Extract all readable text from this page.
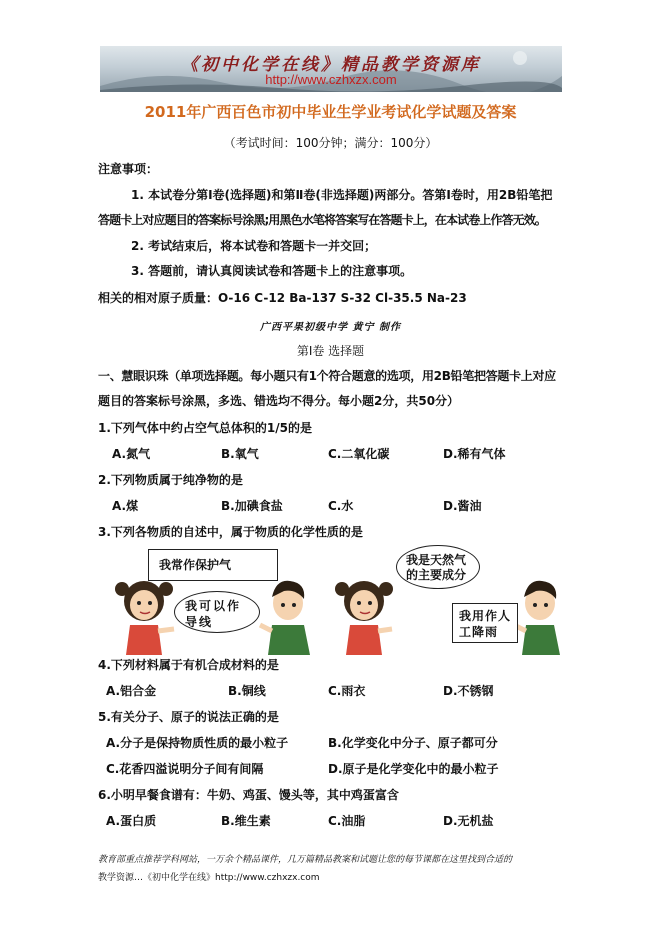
《初中化学在线》精品教学资源库
http://www.czhxzx.com
2011年广西百色市初中毕业生学业考试化学试题及答案
（考试时间：100分钟；满分：100分）
注意事项：
1. 本试卷分第Ⅰ卷(选择题)和第Ⅱ卷(非选择题)两部分。答第Ⅰ卷时，用2B铅笔把
答题卡上对应题目的答案标号涂黑;用黑色水笔将答案写在答题卡上，在本试卷上作答无效。
2. 考试结束后，将本试卷和答题卡一并交回；
3. 答题前，请认真阅读试卷和答题卡上的注意事项。
相关的相对原子质量：O-16 C-12 Ba-137 S-32 Cl-35.5 Na-23
广西平果初级中学 黄宁 制作
第Ⅰ卷 选择题
一、慧眼识珠（单项选择题。每小题只有1个符合题意的选项，用2B铅笔把答题卡上对应
题目的答案标号涂黑，多选、错选均不得分。每小题2分，共50分）
1.下列气体中约占空气总体积的1/5的是
A.氮气	B.氧气	C.二氧化碳	D.稀有气体
2.下列物质属于纯净物的是
A.煤	B.加碘食盐	C.水	D.酱油
3.下列各物质的自述中，属于物质的化学性质的是
我常作保护气
我可以作导线
我是天然气的主要成分
我用作人工降雨
4.下列材料属于有机合成材料的是
A.铝合金	B.铜线	C.雨衣	D.不锈钢
5.有关分子、原子的说法正确的是
A.分子是保持物质性质的最小粒子	B.化学变化中分子、原子都可分
C.花香四溢说明分子间有间隔	D.原子是化学变化中的最小粒子
6.小明早餐食谱有：牛奶、鸡蛋、馒头等，其中鸡蛋富含
A.蛋白质	B.维生素	C.油脂	D.无机盐
教育部重点推荐学科网站，一万余个精品课件，几万篇精品教案和试题让您的每节课都在这里找到合适的
教学资源…《初中化学在线》http://www.czhxzx.com
